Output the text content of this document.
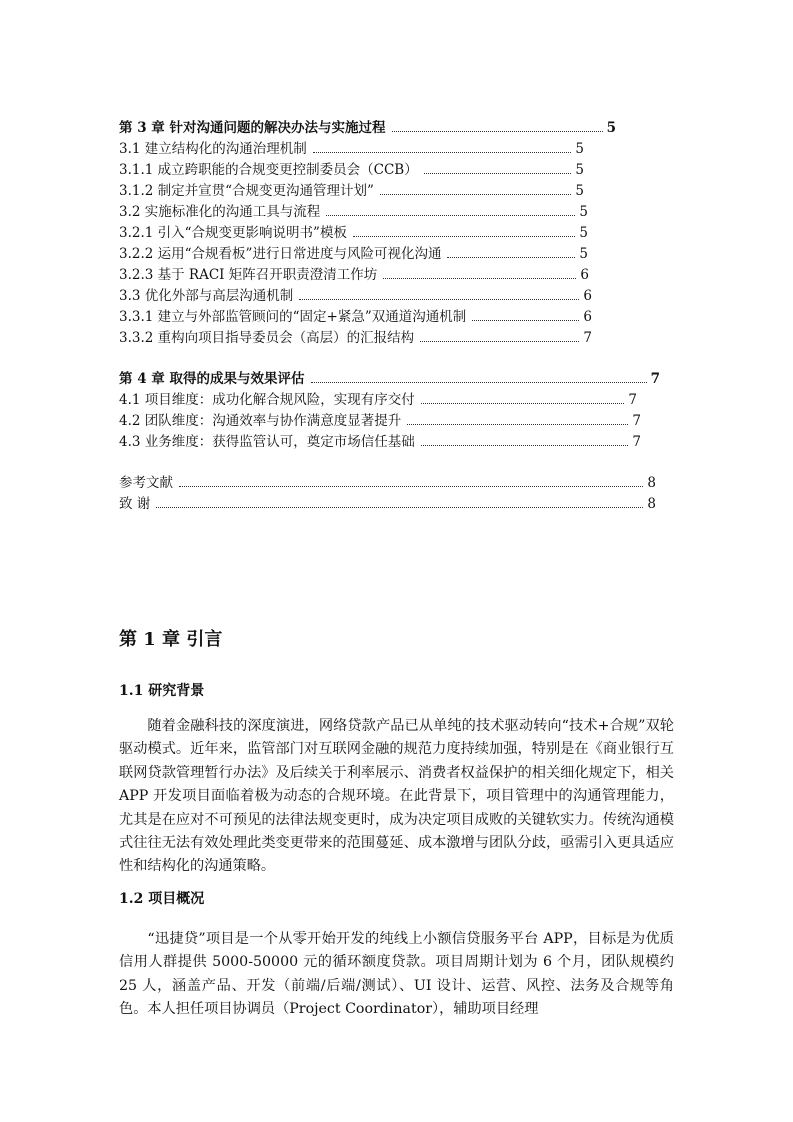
第 3 章 针对沟通问题的解决办法与实施过程	5
3.1 建立结构化的沟通治理机制	5
3.1.1 成立跨职能的合规变更控制委员会（CCB）	5
3.1.2 制定并宣贯“合规变更沟通管理计划”	5
3.2 实施标准化的沟通工具与流程	5
3.2.1 引入“合规变更影响说明书”模板	5
3.2.2 运用“合规看板”进行日常进度与风险可视化沟通	5
3.2.3 基于 RACI 矩阵召开职责澄清工作坊	6
3.3 优化外部与高层沟通机制	6
3.3.1 建立与外部监管顾问的“固定+紧急”双通道沟通机制	6
3.3.2 重构向项目指导委员会（高层）的汇报结构	7
第 4 章 取得的成果与效果评估	7
4.1 项目维度：成功化解合规风险，实现有序交付	7
4.2 团队维度：沟通效率与协作满意度显著提升	7
4.3 业务维度：获得监管认可，奠定市场信任基础	7
参考文献	8
致 谢	8
第 1 章 引言
1.1 研究背景

随着金融科技的深度演进，网络贷款产品已从单纯的技术驱动转向“技术+合规”双轮驱动模式。近年来，监管部门对互联网金融的规范力度持续加强，特别是在《商业银行互联网贷款管理暂行办法》及后续关于利率展示、消费者权益保护的相关细化规定下，相关 APP 开发项目面临着极为动态的合规环境。在此背景下，项目管理中的沟通管理能力，尤其是在应对不可预见的法律法规变更时，成为决定项目成败的关键软实力。传统沟通模式往往无法有效处理此类变更带来的范围蔓延、成本激增与团队分歧，亟需引入更具适应性和结构化的沟通策略。

1.2 项目概况

“迅捷贷”项目是一个从零开始开发的纯线上小额信贷服务平台 APP，目标是为优质信用人群提供 5000-50000 元的循环额度贷款。项目周期计划为 6 个月，团队规模约 25 人，涵盖产品、开发（前端/后端/测试）、UI 设计、运营、风控、法务及合规等角色。本人担任项目协调员（Project Coordinator），辅助项目经理
